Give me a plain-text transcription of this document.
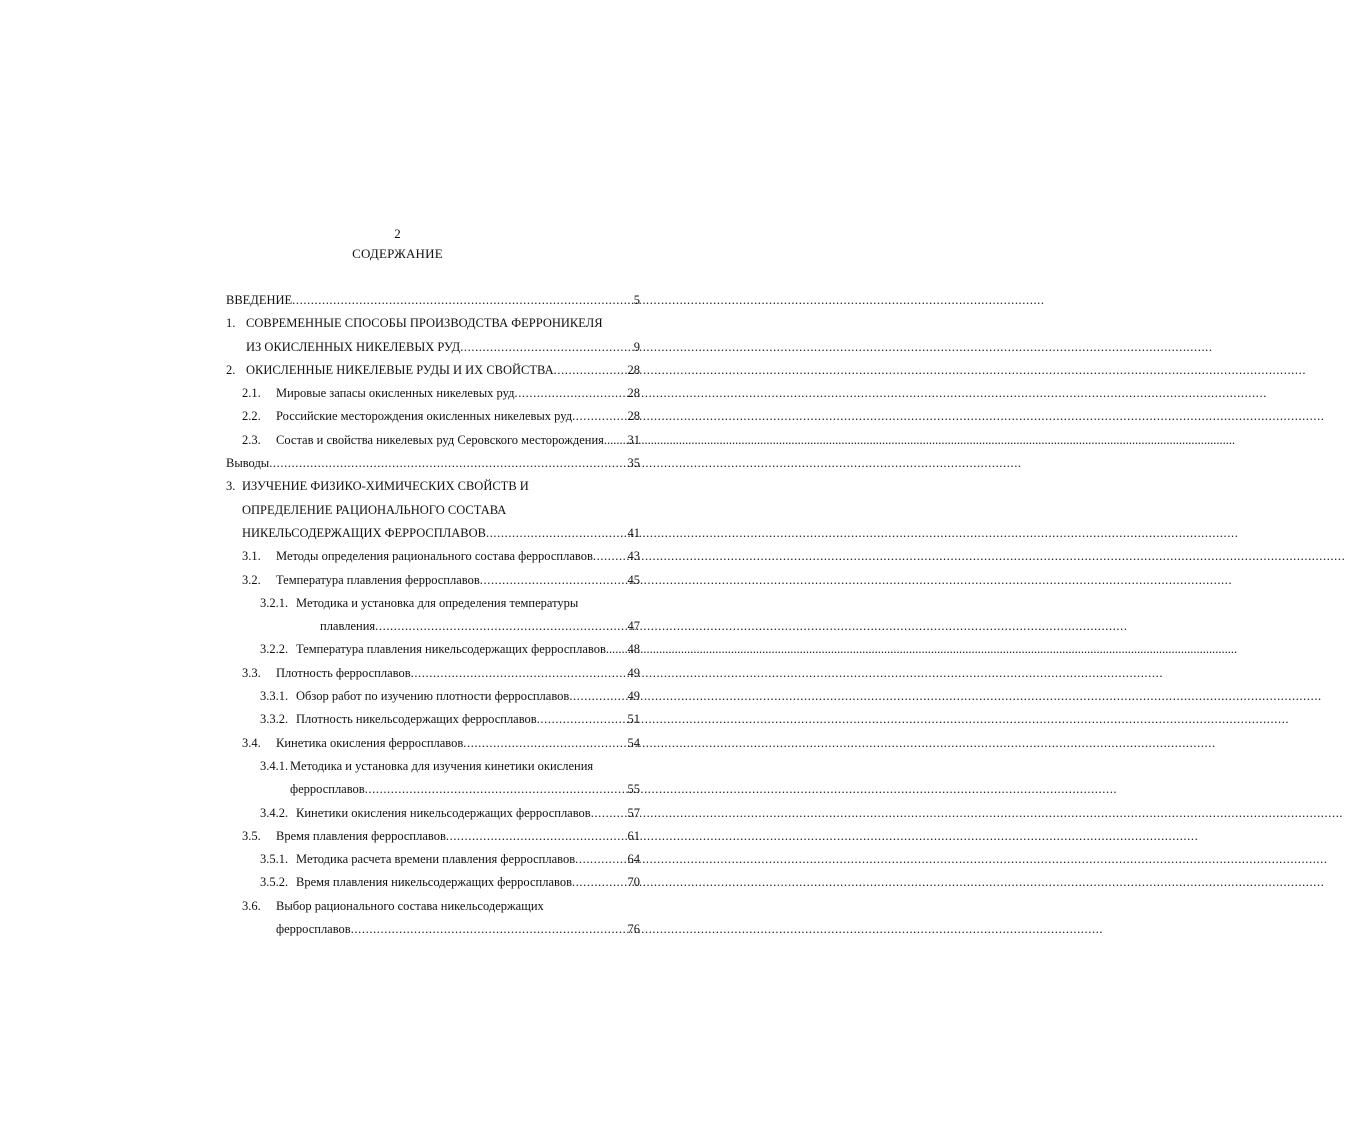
2
СОДЕРЖАНИЕ
ВВЕДЕНИЕ .....	5
1. СОВРЕМЕННЫЕ СПОСОБЫ ПРОИЗВОДСТВА ФЕРРОНИКЕЛЯ
ИЗ ОКИСЛЕННЫХ НИКЕЛЕВЫХ РУД .....	9
2. ОКИСЛЕННЫЕ НИКЕЛЕВЫЕ РУДЫ И ИХ СВОЙСТВА .....	28
2.1.	Мировые запасы окисленных никелевых руд .....	28
2.2.	Российские месторождения окисленных никелевых руд .....	28
2.3.	Состав и свойства никелевых руд Серовского месторождения ..... 31
Выводы .....	35
3. ИЗУЧЕНИЕ ФИЗИКО-ХИМИЧЕСКИХ СВОЙСТВ И
ОПРЕДЕЛЕНИЕ РАЦИОНАЛЬНОГО СОСТАВА
НИКЕЛЬСОДЕРЖАЩИХ ФЕРРОСПЛАВОВ .....	41
3.1.	Методы определения рационального состава ферросплавов .....	43
3.2.	Температура плавления ферросплавов .....	45
3.2.1. Методика и установка для определения температуры
плавления .....	47
3.2.2. Температура плавления никельсодержащих ферросплавов ..... 48
3.3.	Плотность ферросплавов .....	49
3.3.1. Обзор работ по изучению плотности ферросплавов .....	49
3.3.2. Плотность никельсодержащих ферросплавов .....	51
3.4.	Кинетика окисления ферросплавов .....	54
3.4.1. Методика и установка для изучения кинетики окисления
ферросплавов .....	55
3.4.2. Кинетики окисления никельсодержащих ферросплавов .....	57
3.5.	Время плавления ферросплавов .....	61
3.5.1. Методика расчета времени плавления ферросплавов .....	64
3.5.2. Время плавления никельсодержащих ферросплавов .....	70
3.6.	Выбор рационального состава никельсодержащих
ферросплавов .....	76
